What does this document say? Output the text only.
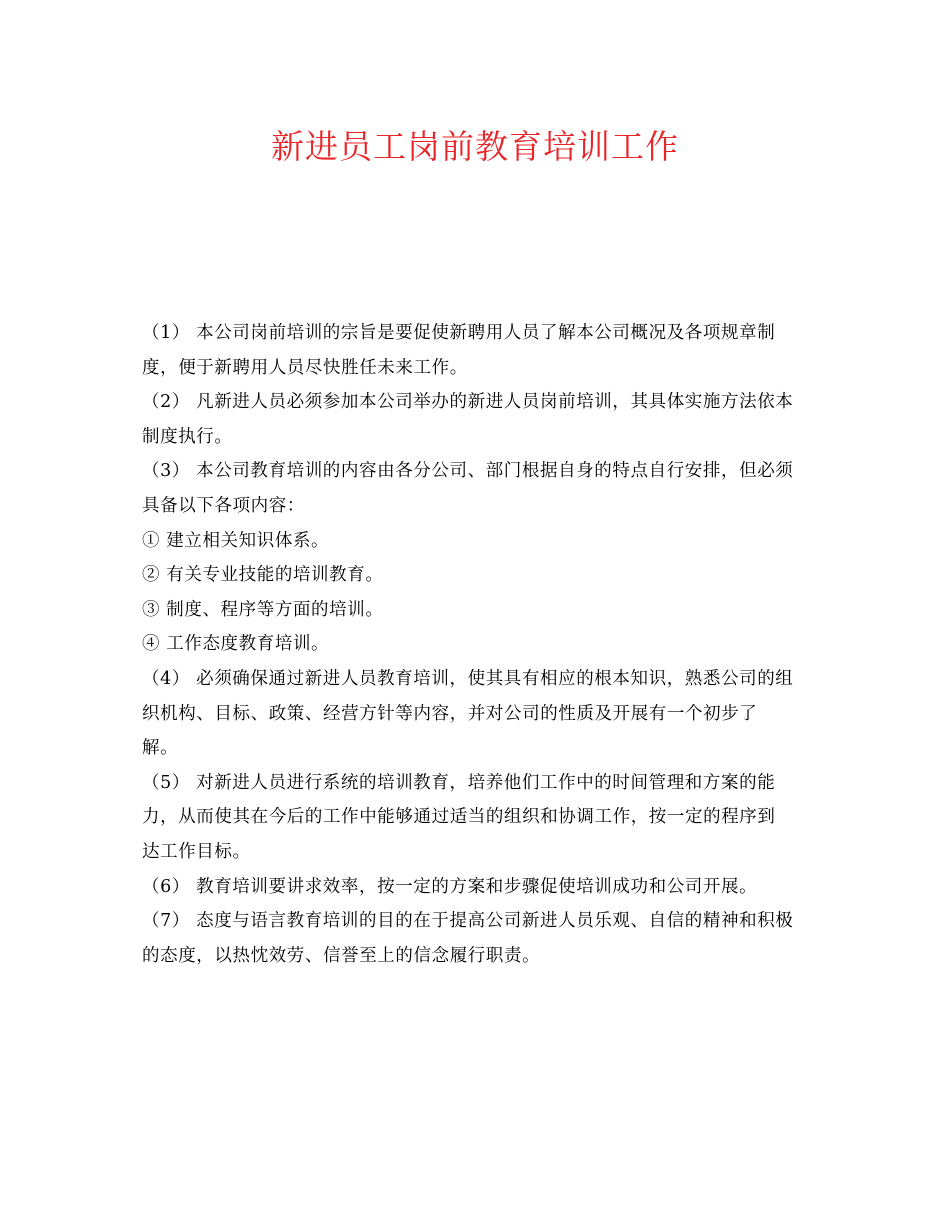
新进员工岗前教育培训工作
（1） 本公司岗前培训的宗旨是要促使新聘用人员了解本公司概况及各项规章制
度，便于新聘用人员尽快胜任未来工作。
（2） 凡新进人员必须参加本公司举办的新进人员岗前培训，其具体实施方法依本
制度执行。
（3） 本公司教育培训的内容由各分公司、部门根据自身的特点自行安排，但必须
具备以下各项内容：
① 建立相关知识体系。
② 有关专业技能的培训教育。
③ 制度、程序等方面的培训。
④ 工作态度教育培训。
（4） 必须确保通过新进人员教育培训，使其具有相应的根本知识，熟悉公司的组
织机构、目标、政策、经营方针等内容，并对公司的性质及开展有一个初步了
解。
（5） 对新进人员进行系统的培训教育，培养他们工作中的时间管理和方案的能
力，从而使其在今后的工作中能够通过适当的组织和协调工作，按一定的程序到
达工作目标。
（6） 教育培训要讲求效率，按一定的方案和步骤促使培训成功和公司开展。
（7） 态度与语言教育培训的目的在于提高公司新进人员乐观、自信的精神和积极
的态度，以热忱效劳、信誉至上的信念履行职责。
